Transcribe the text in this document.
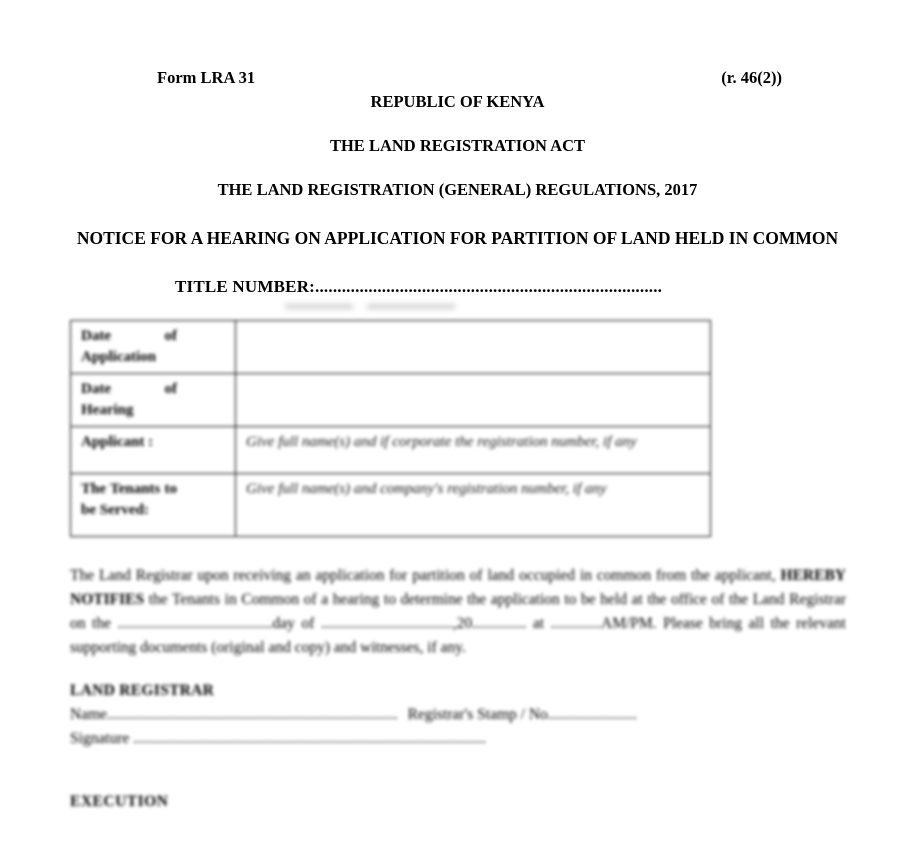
Form LRA 31	(r. 46(2))
REPUBLIC OF KENYA
THE LAND REGISTRATION ACT
THE LAND REGISTRATION (GENERAL) REGULATIONS, 2017
NOTICE FOR A HEARING ON APPLICATION FOR PARTITION OF LAND HELD IN COMMON
TITLE NUMBER:..............................................................................
Date of Application	
Date of Hearing	
Applicant :	Give full name(s) and if corporate the registration number, if any
The Tenants to be Served:	Give full name(s) and company's registration number, if any
The Land Registrar upon receiving an application for partition of land occupied in common from the applicant, HEREBY NOTIFIES the Tenants in Common of a hearing to determine the application to be held at the office of the Land Registrar on the ........................................day of ..................................,20.............. at .............AM/PM. Please bring all the relevant supporting documents (original and copy) and witnesses, if any.
LAND REGISTRAR
Name........................................................................... Registrar's Stamp / No.......................
Signature ...........................................................................................
EXECUTION
